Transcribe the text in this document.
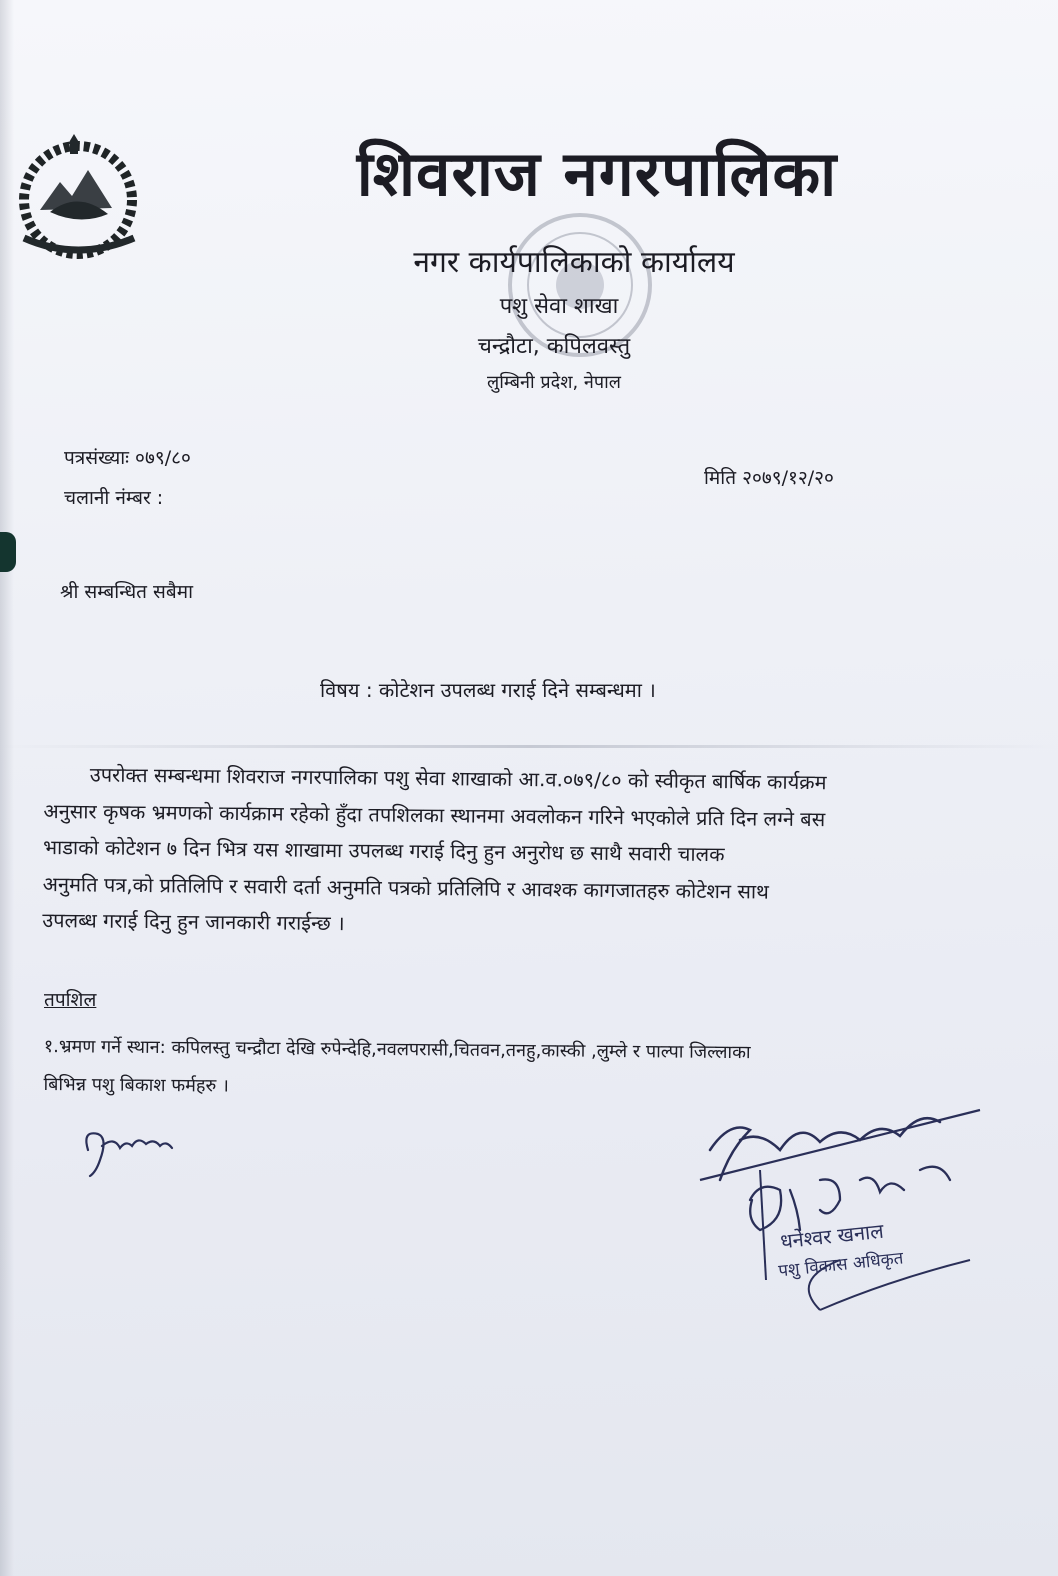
शिवराज नगरपालिका
नगर कार्यपालिकाको कार्यालय
पशु सेवा शाखा
चन्द्रौटा, कपिलवस्तु
लुम्बिनी प्रदेश, नेपाल
पत्रसंख्याः ०७९/८०
चलानी नंम्बर :
मिति २०७९/१२/२०
श्री सम्बन्धित सबैमा
विषय : कोटेशन उपलब्ध गराई दिने सम्बन्धमा ।
उपरोक्त सम्बन्धमा शिवराज नगरपालिका पशु सेवा शाखाको आ.व.०७९/८० को स्वीकृत बार्षिक कार्यक्रम
अनुसार कृषक भ्रमणको कार्यक्राम रहेको हुँदा तपशिलका स्थानमा अवलोकन गरिने भएकोले प्रति दिन लग्ने बस
भाडाको कोटेशन ७ दिन भित्र यस शाखामा उपलब्ध गराई दिनु हुन अनुरोध छ साथै सवारी चालक
अनुमति पत्र,को प्रतिलिपि र सवारी दर्ता अनुमति पत्रको प्रतिलिपि र आवश्क कागजातहरु कोटेशन साथ
उपलब्ध गराई दिनु हुन जानकारी गराईन्छ ।
तपशिल
१.भ्रमण गर्ने स्थान: कपिलस्तु चन्द्रौटा देखि रुपेन्देहि,नवलपरासी,चितवन,तनहु,कास्की ,लुम्ले र पाल्पा जिल्लाका
बिभिन्न पशु बिकाश फर्महरु ।
धनेश्वर खनाल
पशु विकास अधिकृत
